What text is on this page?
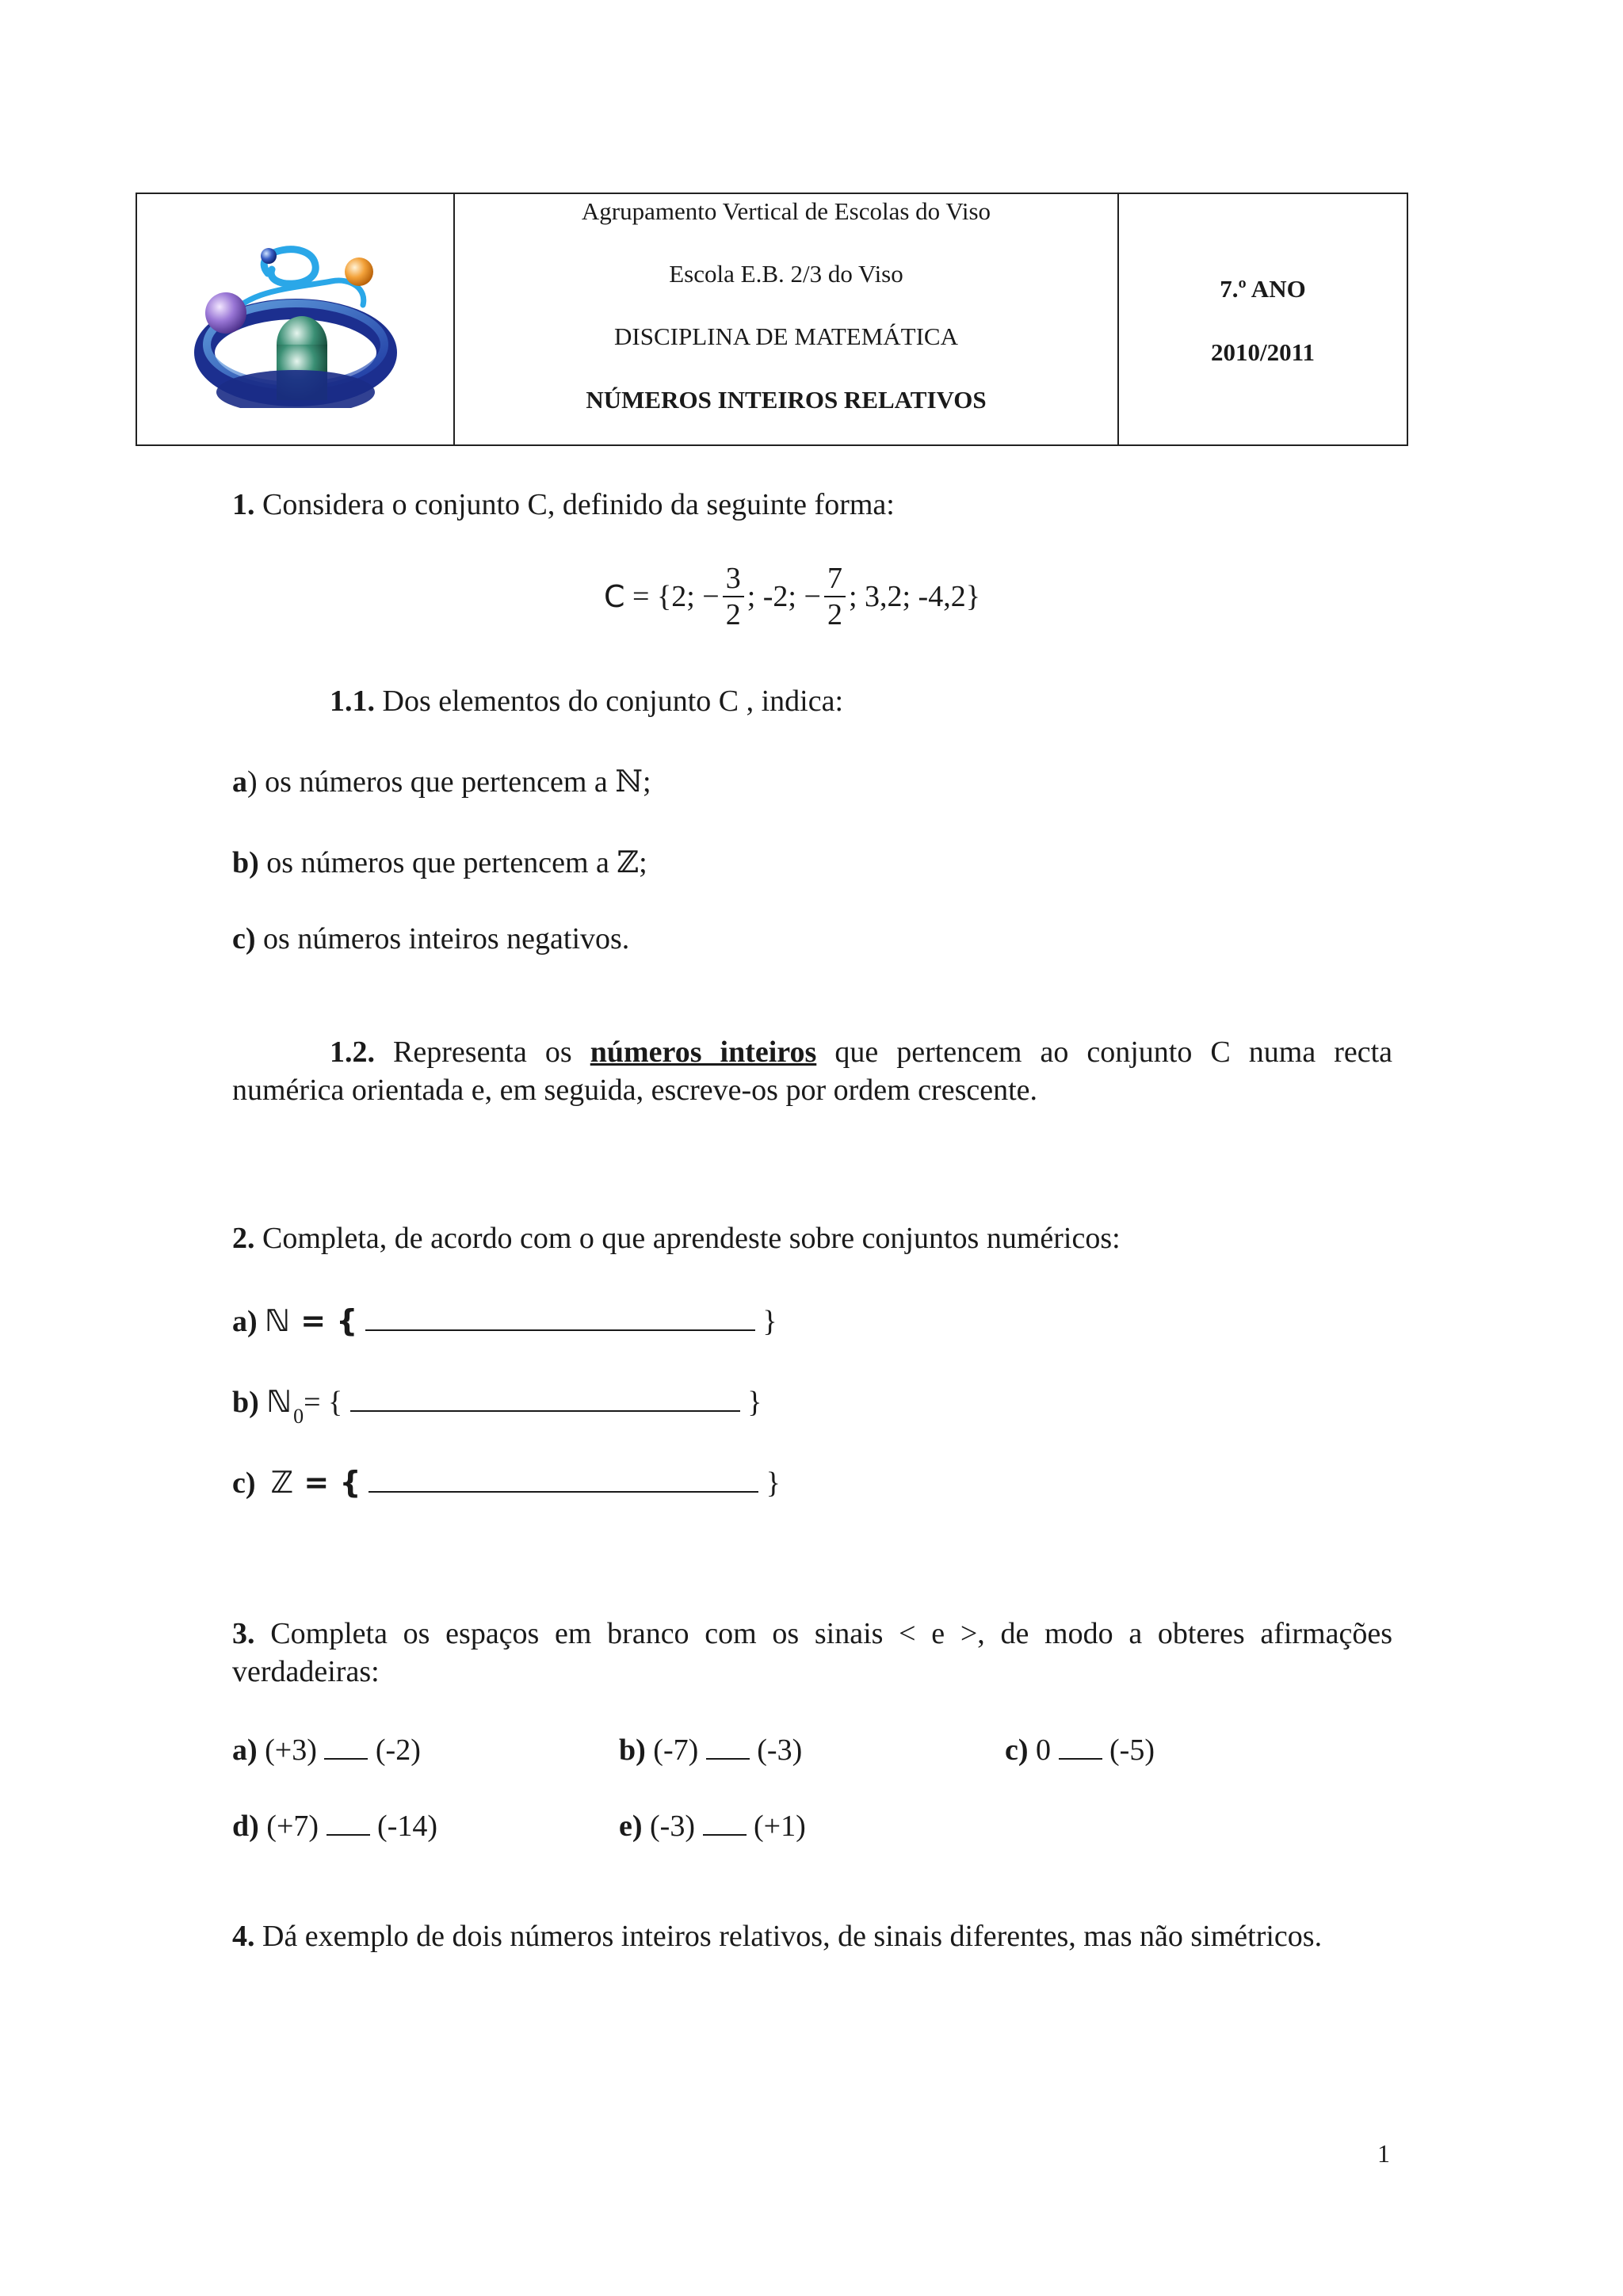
Agrupamento Vertical de Escolas do Viso
Escola E.B. 2/3 do Viso
DISCIPLINA DE MATEMÁTICA
NÚMEROS INTEIROS RELATIVOS
7.º ANO
2010/2011
1. Considera o conjunto C, definido da seguinte forma:
C = {2; − $\frac{3}{2}$ ; -2; − $\frac{7}{2}$ ; 3,2; -4,2}
1.1. Dos elementos do conjunto C , indica:
a) os números que pertencem a ℕ;
b) os números que pertencem a ℤ;
c) os números inteiros negativos.
1.2. Representa os números inteiros que pertencem ao conjunto C numa recta numérica orientada e, em seguida, escreve-os por ordem crescente.
2. Completa, de acordo com o que aprendeste sobre conjuntos numéricos:
a) ℕ = {	}
b) ℕ$_0$= {	}
c) ℤ = {	}
3. Completa os espaços em branco com os sinais < e >, de modo a obteres afirmações verdadeiras:
a) (+3) (-2)	b) (-7) (-3)	c) 0 (-5)
d) (+7) (-14)	e) (-3) (+1)
4. Dá exemplo de dois números inteiros relativos, de sinais diferentes, mas não simétricos.
1
